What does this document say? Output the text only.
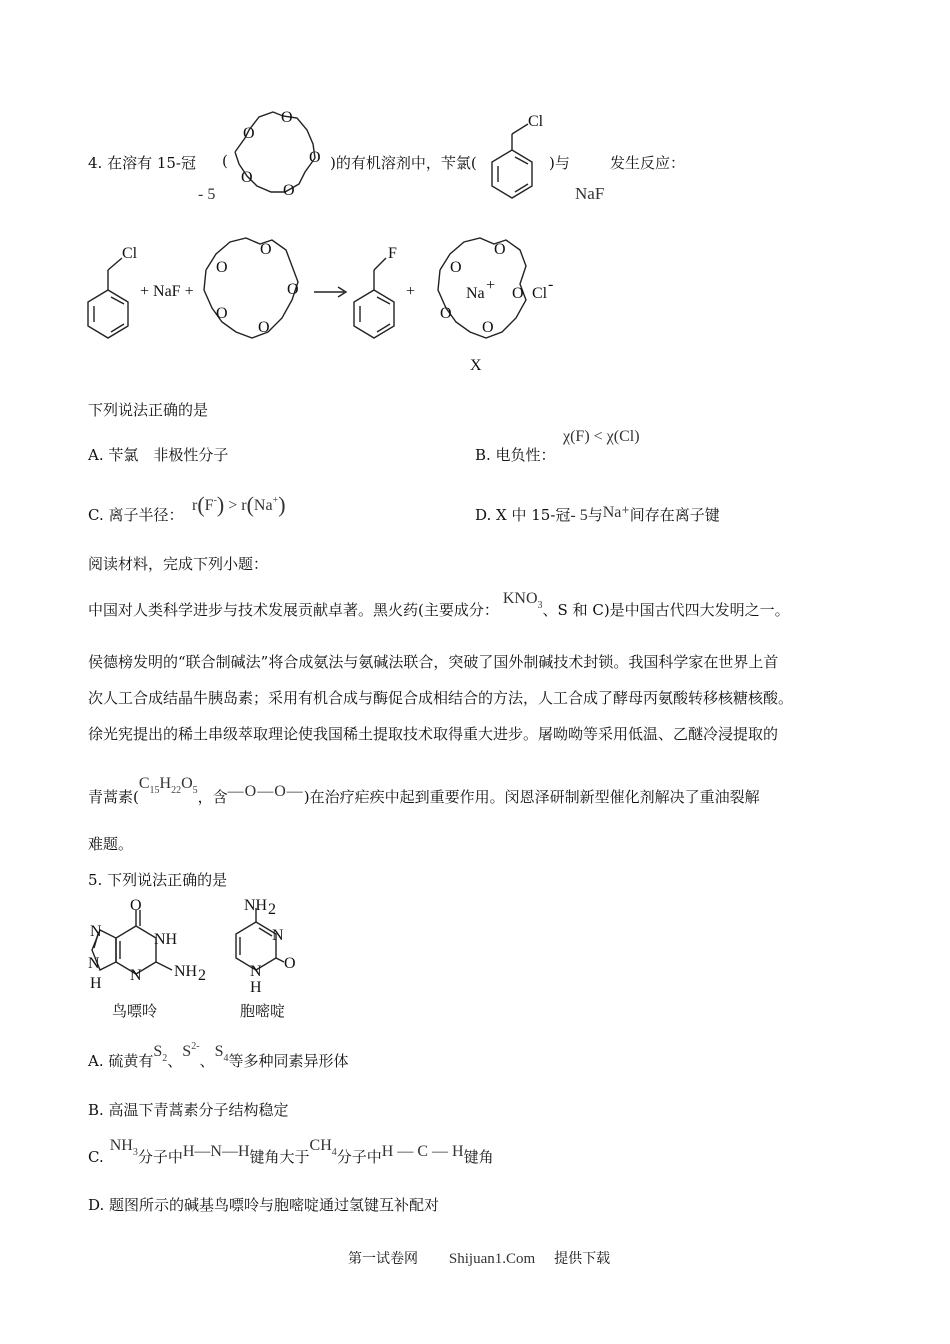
4. 在溶有 15-冠
- 5
(
O
O
O
O
O
)的有机溶剂中，苄氯(
Cl
)与
NaF
发生反应：
Cl
+ NaF +
O
O
O
O
O
F
+
O
O
O
O
O
Na + Cl
-
X
下列说法正确的是
A. 苄氯　非极性分子	B. 电负性：
χ(F) < χ(Cl)
C. 离子半径：
r(F-) > r(Na+)	D. X 中 15-冠- 5与Na+间存在离子键
阅读材料，完成下列小题：
中国对人类科学进步与技术发展贡献卓著。黑火药(主要成分：$KNO_3$、S 和 C)是中国古代四大发明之一。
侯德榜发明的“联合制碱法”将合成氨法与氨碱法联合，突破了国外制碱技术封锁。我国科学家在世界上首
次人工合成结晶牛胰岛素；采用有机合成与酶促合成相结合的方法，人工合成了酵母丙氨酸转移核糖核酸。
徐光宪提出的稀土串级萃取理论使我国稀土提取技术取得重大进步。屠呦呦等采用低温、乙醚冷浸提取的
青蒿素($C_{15}H_{22}O_5$，含—O—O—)在治疗疟疾中起到重要作用。闵恩泽研制新型催化剂解决了重油裂解
难题。
5. 下列说法正确的是
O
NH
N
N
N
H
NH 2
鸟嘌呤
NH 2
N
N
H
O
胞嘧啶
A. 硫黄有$S_2$、$S^{2-}$、$S_4$等多种同素异形体
B. 高温下青蒿素分子结构稳定
$C.NH_3$分子中H—N—H键角大于$CH_4$分子中H — C — H键角
D. 题图所示的碱基鸟嘌呤与胞嘧啶通过氢键互补配对
第一试卷网 Shijuan1.Com 提供下载
